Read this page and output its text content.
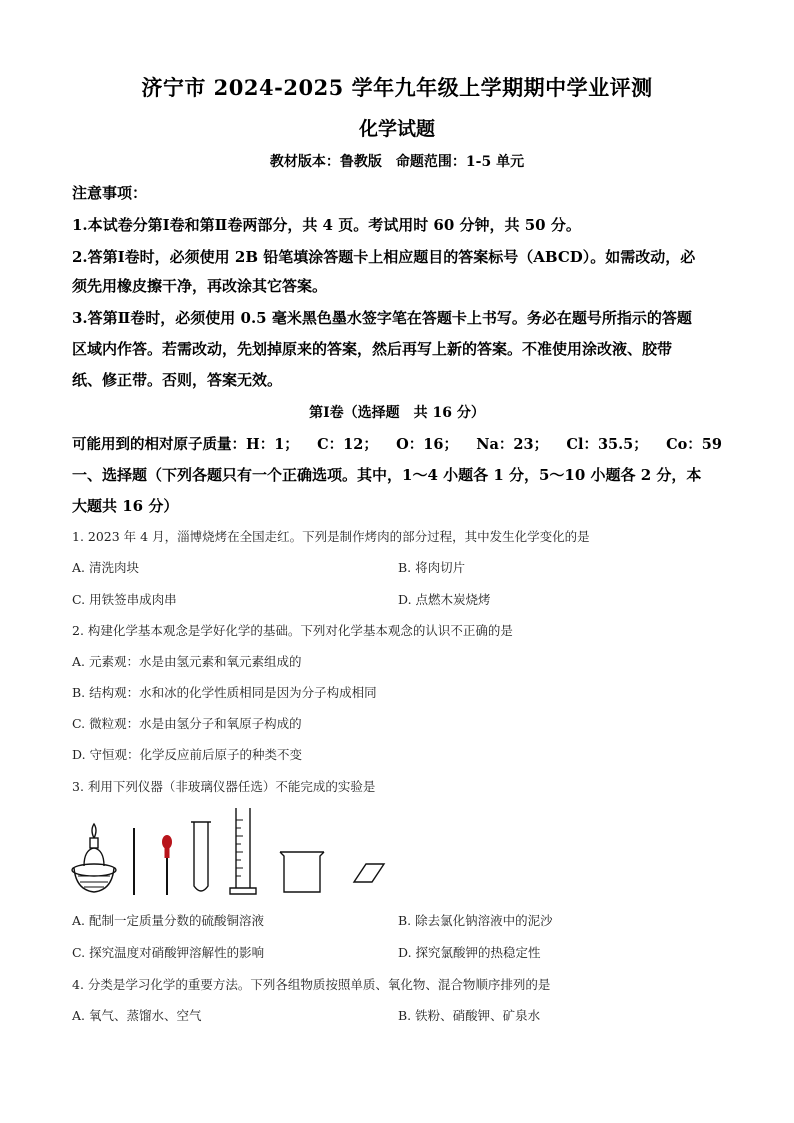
济宁市 2024-2025 学年九年级上学期期中学业评测
化学试题
教材版本：鲁教版　命题范围：1-5 单元
注意事项：
1.本试卷分第Ⅰ卷和第Ⅱ卷两部分，共 4 页。考试用时 60 分钟，共 50 分。
2.答第Ⅰ卷时，必须使用 2B 铅笔填涂答题卡上相应题目的答案标号（ABCD）。如需改动，必
须先用橡皮擦干净，再改涂其它答案。
3.答第Ⅱ卷时，必须使用 0.5 毫米黑色墨水签字笔在答题卡上书写。务必在题号所指示的答题
区域内作答。若需改动，先划掉原来的答案，然后再写上新的答案。不准使用涂改液、胶带
纸、修正带。否则，答案无效。
第Ⅰ卷（选择题　共 16 分）
可能用到的相对原子质量：H：1； C：12； O：16； Na：23； Cl：35.5； Co：59
一、选择题（下列各题只有一个正确选项。其中，1～4 小题各 1 分，5～10 小题各 2 分，本
大题共 16 分）
1. 2023 年 4 月，淄博烧烤在全国走红。下列是制作烤肉的部分过程，其中发生化学变化的是
A. 清洗肉块	B. 将肉切片
C. 用铁签串成肉串	D. 点燃木炭烧烤
2. 构建化学基本观念是学好化学的基础。下列对化学基本观念的认识不正确的是
A. 元素观：水是由氢元素和氧元素组成的
B. 结构观：水和冰的化学性质相同是因为分子构成相同
C. 微粒观：水是由氢分子和氧原子构成的
D. 守恒观：化学反应前后原子的种类不变
3. 利用下列仪器（非玻璃仪器任选）不能完成的实验是
A. 配制一定质量分数的硫酸铜溶液	B. 除去氯化钠溶液中的泥沙
C. 探究温度对硝酸钾溶解性的影响	D. 探究氯酸钾的热稳定性
4. 分类是学习化学的重要方法。下列各组物质按照单质、氧化物、混合物顺序排列的是
A. 氧气、蒸馏水、空气	B. 铁粉、硝酸钾、矿泉水
